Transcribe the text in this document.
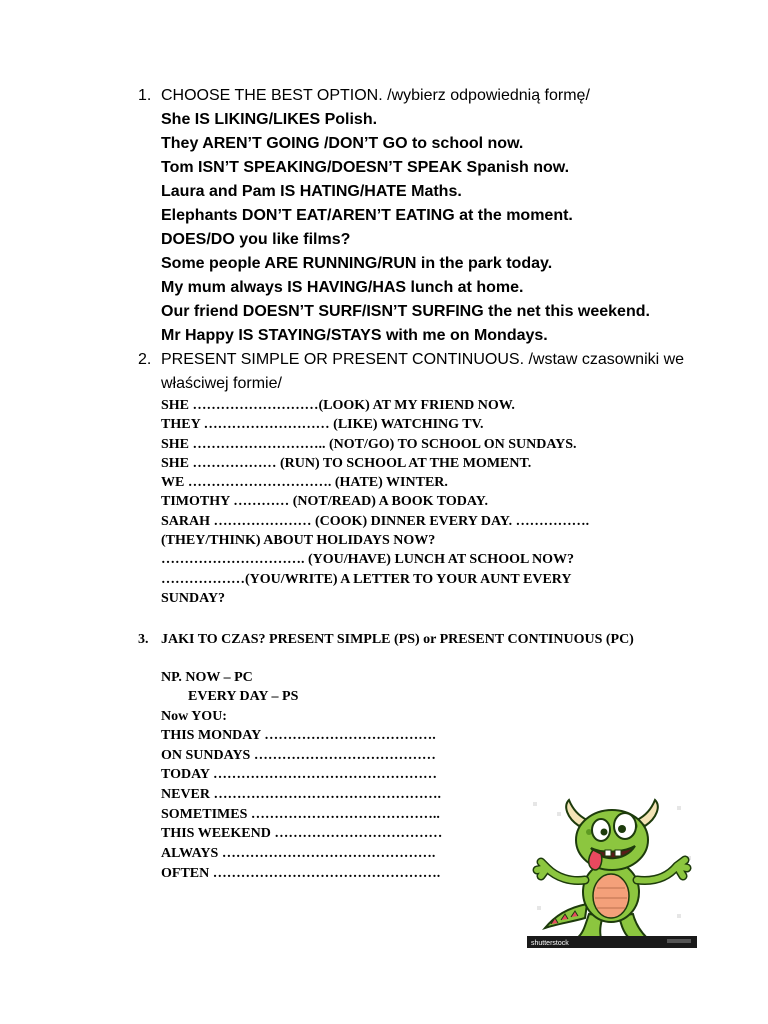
1. CHOOSE THE BEST OPTION. /wybierz odpowiednią formę/
She IS LIKING/LIKES Polish.
They AREN’T GOING /DON’T GO to school now.
Tom ISN’T SPEAKING/DOESN’T SPEAK Spanish now.
Laura and Pam IS HATING/HATE Maths.
Elephants DON’T EAT/AREN’T EATING at the moment.
DOES/DO you like films?
Some people ARE RUNNING/RUN in the park today.
My mum always IS HAVING/HAS lunch at home.
Our friend DOESN’T SURF/ISN’T SURFING the net this weekend.
Mr Happy IS STAYING/STAYS with me on Mondays.
2. PRESENT SIMPLE OR PRESENT CONTINUOUS. /wstaw czasowniki we
właściwej formie/
SHE ………………………(LOOK) AT MY FRIEND NOW.
THEY ……………………… (LIKE) WATCHING TV.
SHE ……………………….. (NOT/GO) TO SCHOOL ON SUNDAYS.
SHE ……………… (RUN) TO SCHOOL AT THE MOMENT.
WE …………………………. (HATE) WINTER.
TIMOTHY ………… (NOT/READ) A BOOK TODAY.
SARAH ………………… (COOK) DINNER EVERY DAY. …………….
(THEY/THINK) ABOUT HOLIDAYS NOW?
…………………………. (YOU/HAVE) LUNCH AT SCHOOL NOW?
………………(YOU/WRITE) A LETTER TO YOUR AUNT EVERY
SUNDAY?
3. JAKI TO CZAS? PRESENT SIMPLE (PS) or PRESENT CONTINUOUS (PC)
NP. NOW – PC
EVERY DAY – PS
Now YOU:
THIS MONDAY ……………………………….
ON SUNDAYS …………………………………
TODAY …………………………………………
NEVER ………………………………………….
SOMETIMES …………………………………..
THIS WEEKEND ………………………………
ALWAYS ……………………………………….
OFTEN ………………………………………….
shutterstock
